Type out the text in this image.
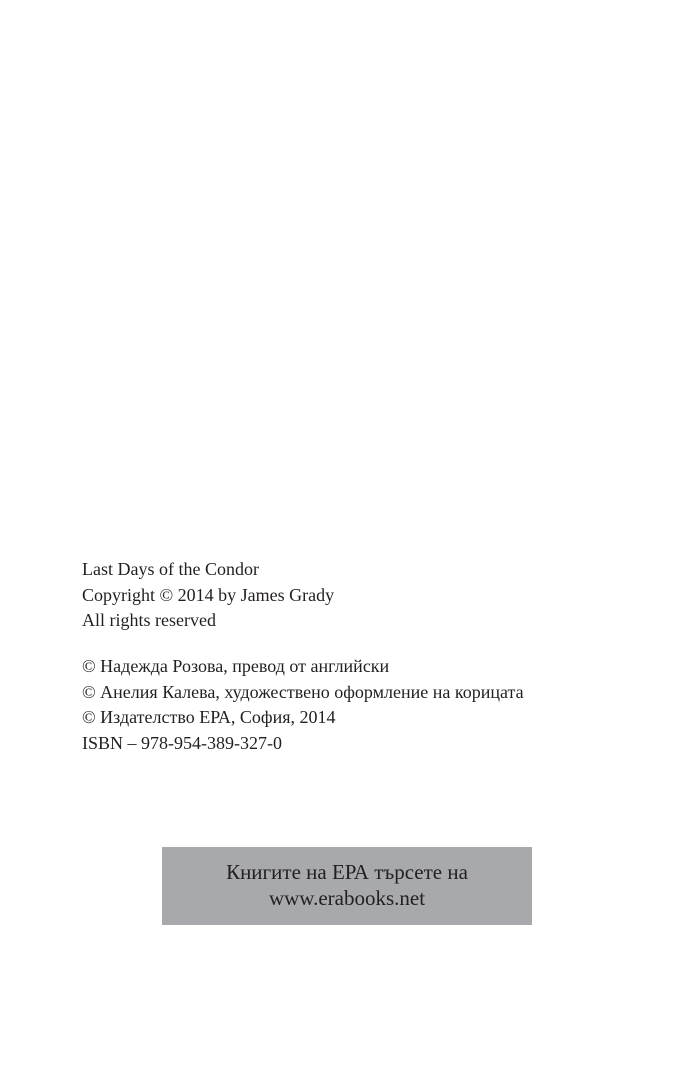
Last Days of the Condor
Copyright © 2014 by James Grady
All rights reserved
© Надежда Розова, превод от английски
© Анелия Калева, художествено оформление на корицата
© Издателство ЕРА, София, 2014
ISBN – 978-954-389-327-0
Книгите на ЕРА търсете на
www.erabooks.net
